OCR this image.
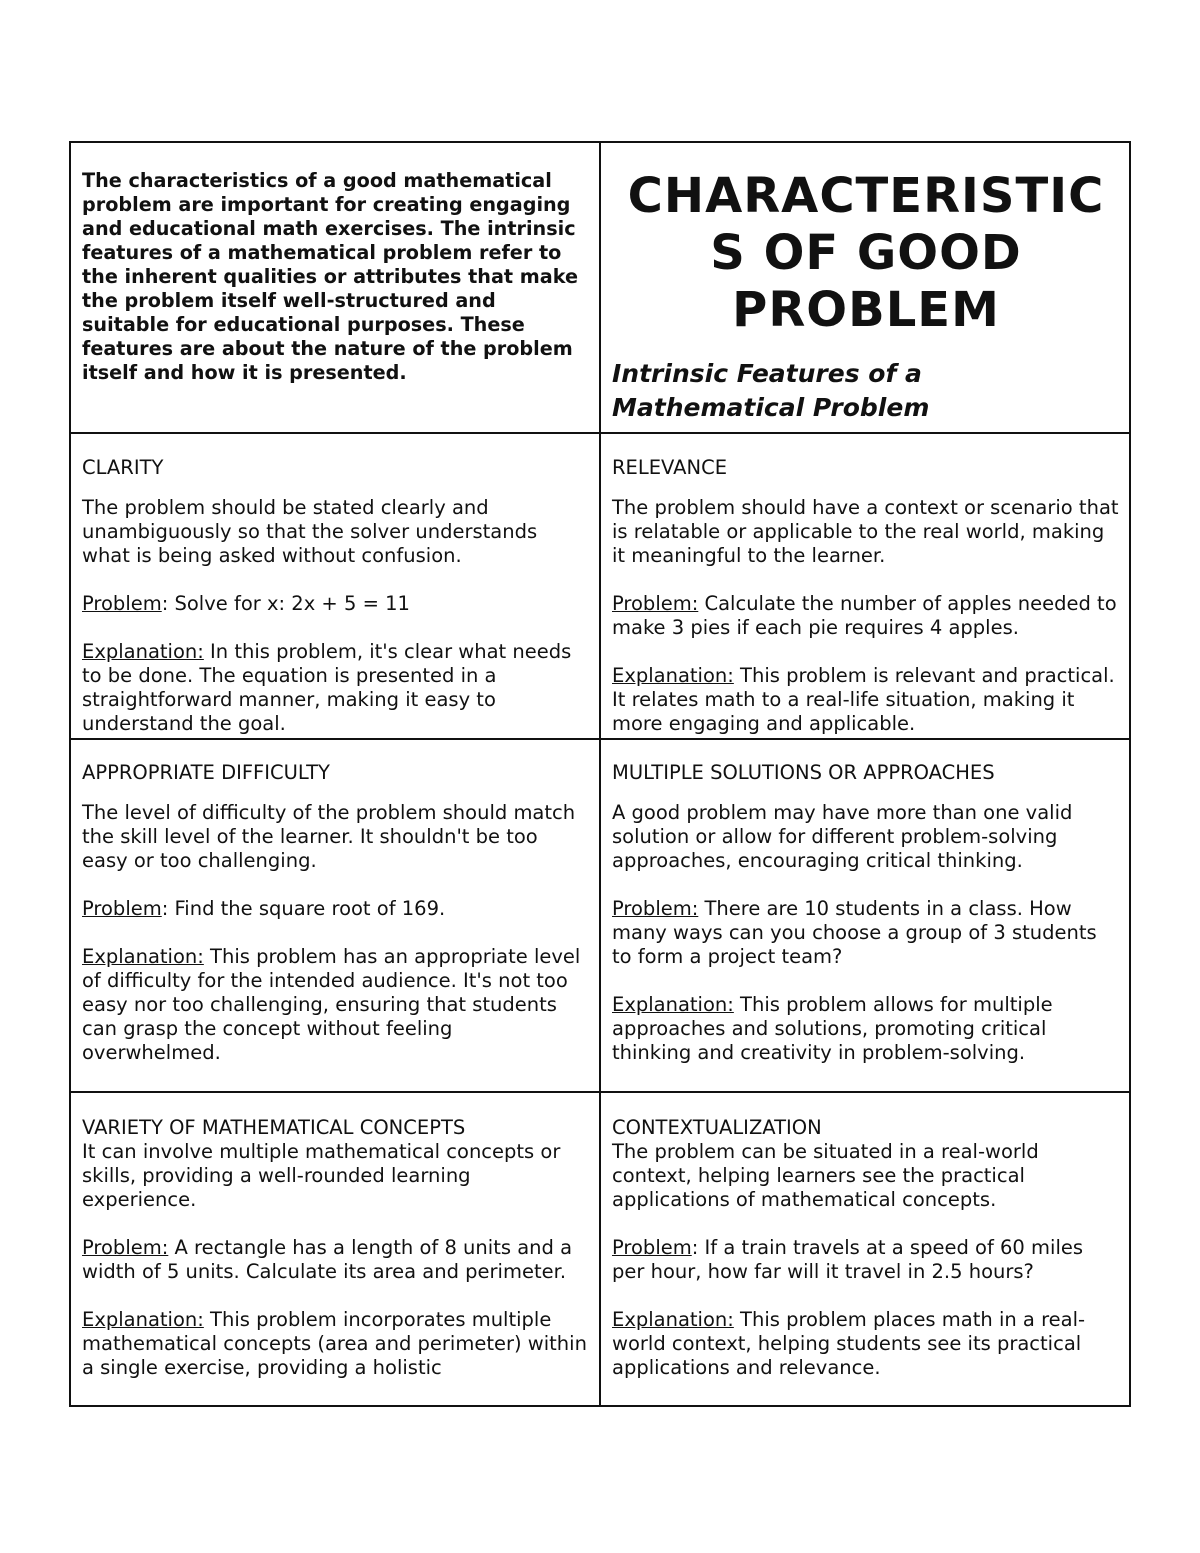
The characteristics of a good mathematical problem are important for creating engaging and educational math exercises. The intrinsic features of a mathematical problem refer to the inherent qualities or attributes that make the problem itself well-structured and suitable for educational purposes. These features are about the nature of the problem itself and how it is presented.
CHARACTERISTIC
S OF GOOD
PROBLEM
Intrinsic Features of a
Mathematical Problem
CLARITY

The problem should be stated clearly and unambiguously so that the solver understands what is being asked without confusion.

Problem: Solve for x: 2x + 5 = 11

Explanation: In this problem, it's clear what needs to be done. The equation is presented in a straightforward manner, making it easy to understand the goal.

RELEVANCE

The problem should have a context or scenario that is relatable or applicable to the real world, making it meaningful to the learner.

Problem: Calculate the number of apples needed to make 3 pies if each pie requires 4 apples.

Explanation: This problem is relevant and practical. It relates math to a real-life situation, making it more engaging and applicable.

APPROPRIATE DIFFICULTY

The level of difficulty of the problem should match the skill level of the learner. It shouldn't be too easy or too challenging.

Problem: Find the square root of 169.

Explanation: This problem has an appropriate level of difficulty for the intended audience. It's not too easy nor too challenging, ensuring that students can grasp the concept without feeling overwhelmed.

MULTIPLE SOLUTIONS OR APPROACHES

A good problem may have more than one valid solution or allow for different problem-solving approaches, encouraging critical thinking.

Problem: There are 10 students in a class. How many ways can you choose a group of 3 students to form a project team?

Explanation: This problem allows for multiple approaches and solutions, promoting critical thinking and creativity in problem-solving.

VARIETY OF MATHEMATICAL CONCEPTS

It can involve multiple mathematical concepts or skills, providing a well-rounded learning experience.

Problem: A rectangle has a length of 8 units and a width of 5 units. Calculate its area and perimeter.

Explanation: This problem incorporates multiple mathematical concepts (area and perimeter) within a single exercise, providing a holistic

CONTEXTUALIZATION

The problem can be situated in a real-world context, helping learners see the practical applications of mathematical concepts.

Problem: If a train travels at a speed of 60 miles per hour, how far will it travel in 2.5 hours?

Explanation: This problem places math in a real-world context, helping students see its practical applications and relevance.
